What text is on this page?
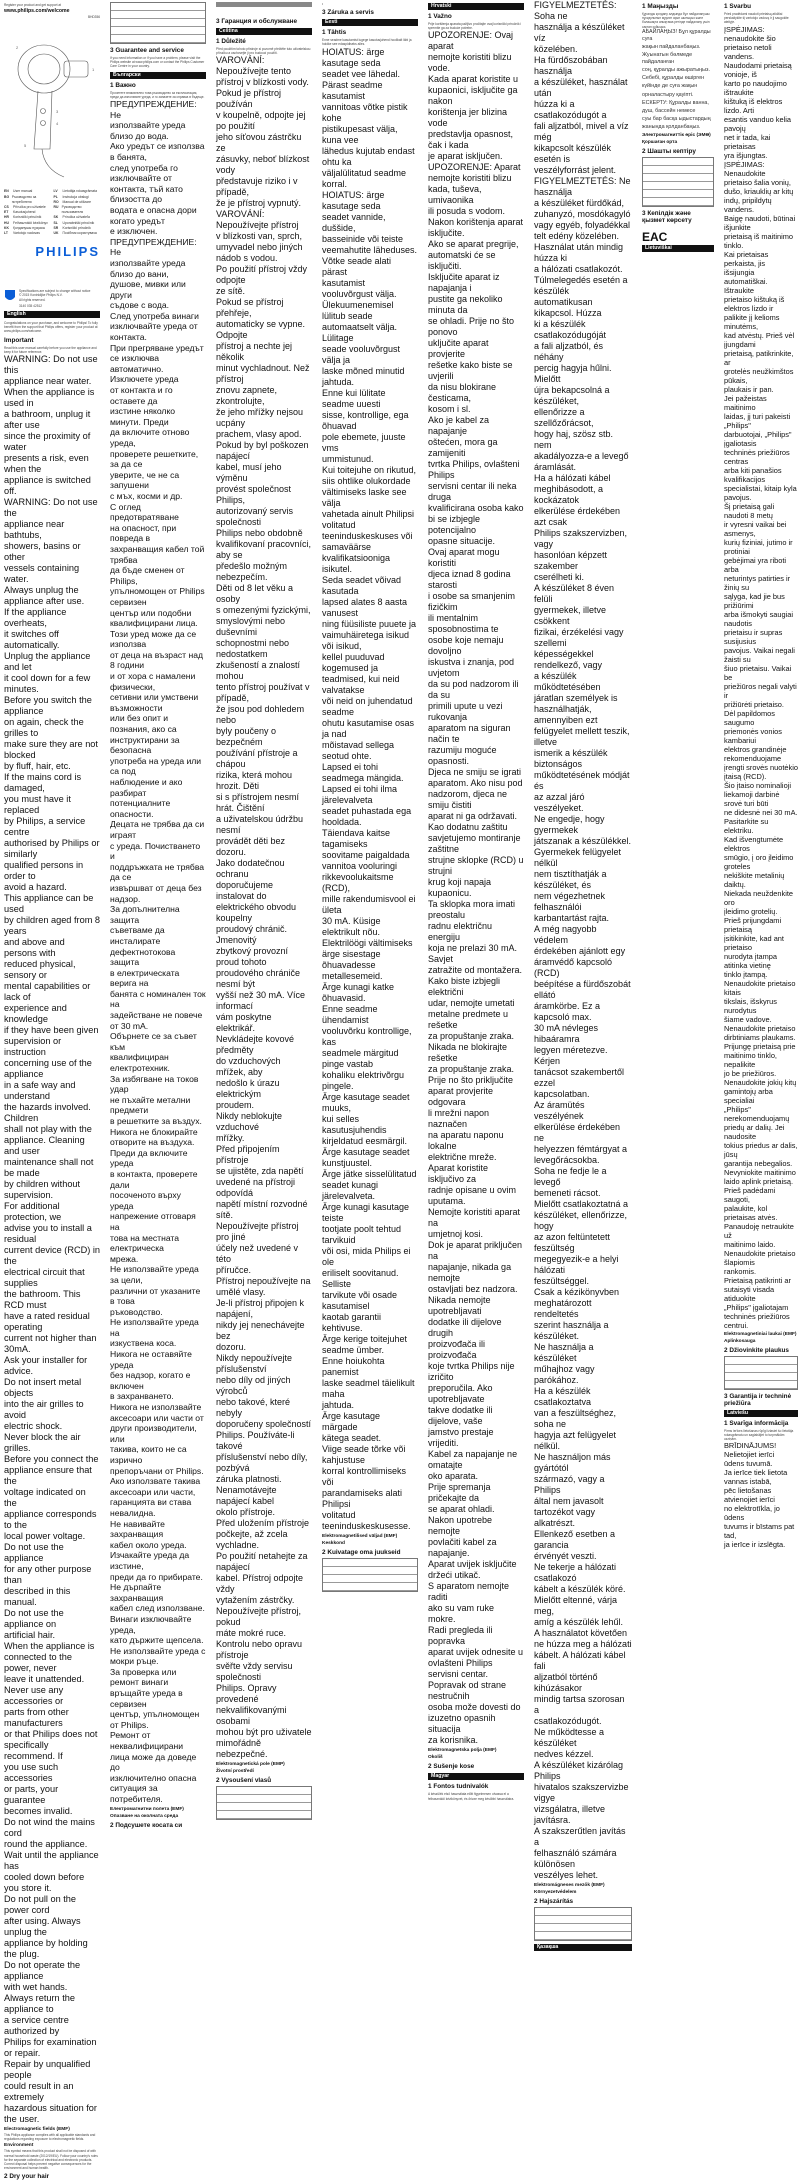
Register your product and get support at
www.philips.com/welcome
BHD356
1
2
3
4
5
EN	User manual
BG Ръководство за потребителя
CS	Příručka pro uživatele
ET	Kasutusjuhend
HR	Korisnički priručnik
HU	Felhasználói kézikönyv
KK	Қолданушы нұсқасы
LT	Vartotojo vadovas
LV	Lietotāja rokasgrāmata
PL	Instrukcja obsługi
RO	Manual de utilizare
RU Руководство пользователя
SK	Príručka užívateľa
SL	Uporabniški priročnik
SR	Korisnički priručnik
UK	Посібник користувача
PHILIPS
Specifications are subject to change without notice
© 2015 Koninklijke Philips N.V.
All rights reserved.
3140 035 42512
English
Congratulations on your purchase, and welcome to Philips! To fully benefit from the support that Philips offers, register your product at www.philips.com/welcome.
Important
Read this user manual carefully before you use the appliance and keep it for future reference.

WARNING: Do not use this

appliance near water.

When the appliance is used in

a bathroom, unplug it after use

since the proximity of water

presents a risk, even when the

appliance is switched off.

WARNING: Do not use the

appliance near bathtubs,

showers, basins or other

vessels containing water.

Always unplug the

appliance after use.

If the appliance overheats,

it switches off automatically.

Unplug the appliance and let

it cool down for a few minutes.

Before you switch the appliance

on again, check the grilles to

make sure they are not blocked

by fluff, hair, etc.

If the mains cord is damaged,

you must have it replaced

by Philips, a service centre

authorised by Philips or similarly

qualified persons in order to

avoid a hazard.

This appliance can be used

by children aged from 8 years

and above and persons with

reduced physical, sensory or

mental capabilities or lack of

experience and knowledge

if they have been given

supervision or instruction

concerning use of the appliance

in a safe way and understand

the hazards involved. Children

shall not play with the

appliance. Cleaning and user

maintenance shall not be made

by children without supervision.

For additional protection, we

advise you to install a residual

current device (RCD) in the

electrical circuit that supplies

the bathroom. This RCD must

have a rated residual operating

current not higher than 30mA.

Ask your installer for advice.

Do not insert metal objects

into the air grilles to avoid

electric shock.

Never block the air grilles.

Before you connect the

appliance ensure that the

voltage indicated on the

appliance corresponds to the

local power voltage.

Do not use the appliance

for any other purpose than

described in this manual.

Do not use the appliance on

artificial hair.

When the appliance is

connected to the power, never

leave it unattended.

Never use any accessories or

parts from other manufacturers

or that Philips does not

specifically recommend. If

you use such accessories

or parts, your guarantee

becomes invalid.

Do not wind the mains cord

round the appliance.

Wait until the appliance has

cooled down before you store it.

Do not pull on the power cord

after using. Always unplug the

appliance by holding the plug.

Do not operate the appliance

with wet hands.

Always return the appliance to

a service centre authorized by

Philips for examination or repair.

Repair by unqualified people

could result in an extremely

hazardous situation for the user.

Electromagnetic fields (EMF)
This Philips appliance complies with all applicable standards and regulations regarding exposure to electromagnetic fields.
Environment
This symbol means that this product shall not be disposed of with normal household waste (2012/19/EU). Follow your country's rules for the separate collection of electrical and electronic products. Correct disposal helps prevent negative consequences for the environment and human health.
2 Dry your hair
3 Guarantee and service
If you need information or if you have a problem, please visit the Philips website at www.philips.com or contact the Philips Customer Care Centre in your country.
Български
1 Важно
Прочетете внимателно това ръководство за експлоатация, преди да използвате уреда, и го запазете за справка в бъдеще.

ПРЕДУПРЕЖДЕНИЕ: Не

използвайте уреда близо до вода.

Ако уредът се използва в банята,

след употреба го изключвайте от

контакта, тъй като близостта до

водата е опасна дори когато уредът

е изключен.

ПРЕДУПРЕЖДЕНИЕ: Не

използвайте уреда близо до вани,

душове, мивки или други

съдове с вода.

След употреба винаги

изключвайте уреда от контакта.

При прегряване уредът се изключва

автоматично. Изключете уреда

от контакта и го оставете да

изстине няколко минути. Преди

да включите отново уреда,

проверете решетките, за да се

уверите, че не са запушени

с мъх, косми и др.

С оглед предотвратяване

на опасност, при повреда в

захранващия кабел той трябва

да бъде сменен от Philips,

упълномощен от Philips сервизен

център или подобни

квалифицирани лица.

Този уред може да се използва

от деца на възраст над 8 години

и от хора с намалени физически,

сетивни или умствени възможности

или без опит и познания, ако са

инструктирани за безопасна

употреба на уреда или са под

наблюдение и ако разбират

потенциалните опасности.

Децата не трябва да си играят

с уреда. Почистването и

поддръжката не трябва да се

извършват от деца без надзор.

За допълнителна защита

съветваме да инсталирате

дефектнотокова защита

в електрическата верига на

банята с номинален ток на

задействане не повече от 30 mA.

Обърнете се за съвет към

квалифициран електротехник.

За избягване на токов удар

не пъхайте метални предмети

в решетките за въздух.

Никога не блокирайте

отворите на въздуха.

Преди да включите уреда

в контакта, проверете дали

посоченото върху уреда

напрежение отговаря на

това на местната електрическа

мрежа.

Не използвайте уреда за цели,

различни от указаните в това

ръководство.

Не използвайте уреда на

изкуствена коса.

Никога не оставяйте уреда

без надзор, когато е включен

в захранването.

Никога не използвайте

аксесоари или части от

други производители, или

такива, които не са изрично

препоръчани от Philips.

Ако използвате такива

аксесоари или части,

гаранцията ви става невалидна.

Не навивайте захранващия

кабел около уреда.

Изчакайте уреда да изстине,

преди да го прибирате.

Не дърпайте захранващия

кабел след използване.

Винаги изключвайте уреда,

като държите щепсела.

Не използвайте уреда с мокри ръце.

За проверка или ремонт винаги

връщайте уреда в сервизен

център, упълномощен от Philips.

Ремонт от неквалифицирани

лица може да доведе до

изключително опасна

ситуация за потребителя.

Електромагнитни полета (EMF)
Опазване на околната среда
2 Подсушете косата си
3 Гаранция и обслужване
Čeština
1 Důležité
Před použitím tohoto přístroje si pozorně přečtěte tuto uživatelskou příručku a uschovejte ji pro budoucí použití.

VAROVÁNÍ: Nepoužívejte tento

přístroj v blízkosti vody.

Pokud je přístroj používán

v koupelně, odpojte jej po použití

jeho síťovou zástrčku ze

zásuvky, neboť blízkost vody

představuje riziko i v případě,

že je přístroj vypnutý.

VAROVÁNÍ: Nepoužívejte přístroj

v blízkosti van, sprch,

umyvadel nebo jiných

nádob s vodou.

Po použití přístroj vždy odpojte

ze sítě.

Pokud se přístroj přehřeje,

automaticky se vypne. Odpojte

přístroj a nechte jej několik

minut vychladnout. Než přístroj

znovu zapnete, zkontrolujte,

že jeho mřížky nejsou ucpány

prachem, vlasy apod.

Pokud by byl poškozen napájecí

kabel, musí jeho výměnu

provést společnost Philips,

autorizovaný servis společnosti

Philips nebo obdobně

kvalifikovaní pracovníci, aby se

předešlo možným nebezpečím.

Děti od 8 let věku a osoby

s omezenými fyzickými,

smyslovými nebo duševními

schopnostmi nebo nedostatkem

zkušeností a znalostí mohou

tento přístroj používat v případě,

že jsou pod dohledem nebo

byly poučeny o bezpečném

používání přístroje a chápou

rizika, která mohou hrozit. Děti

si s přístrojem nesmí hrát. Čištění

a uživatelskou údržbu nesmí

provádět děti bez dozoru.

Jako dodatečnou ochranu

doporučujeme instalovat do

elektrického obvodu koupelny

proudový chránič. Jmenovitý

zbytkový provozní proud tohoto

proudového chrániče nesmí být

vyšší než 30 mA. Více informací

vám poskytne elektrikář.

Nevkládejte kovové předměty

do vzduchových mřížek, aby

nedošlo k úrazu elektrickým

proudem.

Nikdy neblokujte vzduchové

mřížky.

Před připojením přístroje

se ujistěte, zda napětí

uvedené na přístroji odpovídá

napětí místní rozvodné sítě.

Nepoužívejte přístroj pro jiné

účely než uvedené v této

příručce.

Přístroj nepoužívejte na

umělé vlasy.

Je-li přístroj připojen k napájení,

nikdy jej nenechávejte bez

dozoru.

Nikdy nepoužívejte příslušenství

nebo díly od jiných výrobců

nebo takové, které nebyly

doporučeny společností

Philips. Používáte-li takové

příslušenství nebo díly, pozbývá

záruka platnosti.

Nenamotávejte napájecí kabel

okolo přístroje.

Před uložením přístroje

počkejte, až zcela vychladne.

Po použití netahejte za napájecí

kabel. Přístroj odpojte vždy

vytažením zástrčky.

Nepoužívejte přístroj, pokud

máte mokré ruce.

Kontrolu nebo opravu přístroje

svěřte vždy servisu společnosti

Philips. Opravy provedené

nekvalifikovanými osobami

mohou být pro uživatele

mimořádně nebezpečné.

Elektromagnetická pole (EMP)
Životní prostředí
2 Vysoušení vlasů
•
3 Záruka a servis
Eesti
1 Tähtis
Enne seadme kasutamist lugege kasutusjuhend hoolikalt läbi ja hoidke see edaspidiseks alles.

HOIATUS: ärge kasutage seda

seadet vee lähedal.

Pärast seadme kasutamist

vannitoas võtke pistik kohe

pistikupesast välja, kuna vee

lähedus kujutab endast ohtu ka

väljalülitatud seadme korral.

HOIATUS: ärge kasutage seda

seadet vannide, duššide,

basseinide või teiste

veemahutite läheduses.

Võtke seade alati pärast

kasutamist vooluvõrgust välja.

Ülekuumenemisel lülitub seade

automaatselt välja. Lülitage

seade vooluvõrgust välja ja

laske mõned minutid jahtuda.

Enne kui lülitate seadme uuesti

sisse, kontrollige, ega õhuavad

pole ebemete, juuste vms

ummistunud.

Kui toitejuhe on rikutud,

siis ohtlike olukordade

vältimiseks laske see välja

vahetada ainult Philipsi

volitatud teeninduskeskuses või

samaväärse kvalifikatsiooniga

isikutel.

Seda seadet võivad kasutada

lapsed alates 8 aasta vanusest

ning füüsiliste puuete ja

vaimuhäiretega isikud või isikud,

kellel puuduvad kogemused ja

teadmised, kui neid valvatakse

või neid on juhendatud seadme

ohutu kasutamise osas ja nad

mõistavad sellega seotud ohte.

Lapsed ei tohi seadmega mängida.

Lapsed ei tohi ilma järelevalveta

seadet puhastada ega hooldada.

Täiendava kaitse tagamiseks

soovitame paigaldada

vannitoa vooluringi

rikkevoolukaitsme (RCD),

mille rakendumisvool ei ületa

30 mA. Küsige elektrikult nõu.

Elektrilöögi vältimiseks

ärge sisestage õhuavadesse

metallesemeid.

Ärge kunagi katke õhuavasid.

Enne seadme ühendamist

vooluvõrku kontrollige, kas

seadmele märgitud pinge vastab

kohaliku elektrivõrgu pingele.

Ärge kasutage seadet muuks,

kui selles kasutusjuhendis

kirjeldatud eesmärgil.

Ärge kasutage seadet

kunstjuustel.

Ärge jätke sisselülitatud

seadet kunagi järelevalveta.

Ärge kunagi kasutage teiste

tootjate poolt tehtud tarvikuid

või osi, mida Philips ei ole

eriliselt soovitanud. Selliste

tarvikute või osade kasutamisel

kaotab garantii kehtivuse.

Ärge kerige toitejuhet

seadme ümber.

Enne hoiukohta panemist

laske seadmel täielikult maha

jahtuda.

Ärge kasutage märgade

kätega seadet.

Viige seade tõrke või kahjustuse

korral kontrollimiseks või

parandamiseks alati Philipsi

volitatud teeninduskeskusesse.

Elektromagnetilised väljad (EMF)
Keskkond
2 Kuivatage oma juukseid
Hrvatski
1 Važno
Prije korištenja aparata pažljivo pročitajte ovaj korisnički priručnik i spremite ga za buduće potrebe.

UPOZORENJE: Ovaj aparat

nemojte koristiti blizu vode.

Kada aparat koristite u

kupaonici, isključite ga nakon

korištenja jer blizina vode

predstavlja opasnost, čak i kada

je aparat isključen.

UPOZORENJE: Aparat

nemojte koristiti blizu

kada, tuševa, umivaonika

ili posuda s vodom.

Nakon korištenja aparat

isključite.

Ako se aparat pregrije,

automatski će se isključiti.

Isključite aparat iz napajanja i

pustite ga nekoliko minuta da

se ohladi. Prije no što ponovo

uključite aparat provjerite

rešetke kako biste se uvjerili

da nisu blokirane česticama,

kosom i sl.

Ako je kabel za napajanje

oštećen, mora ga zamijeniti

tvrtka Philips, ovlašteni Philips

servisni centar ili neka druga

kvalificirana osoba kako

bi se izbjegle potencijalno

opasne situacije.

Ovaj aparat mogu koristiti

djeca iznad 8 godina starosti

i osobe sa smanjenim fizičkim

ili mentalnim sposobnostima te

osobe koje nemaju dovoljno

iskustva i znanja, pod uvjetom

da su pod nadzorom ili da su

primili upute u vezi rukovanja

aparatom na siguran način te

razumiju moguće opasnosti.

Djeca ne smiju se igrati

aparatom. Ako nisu pod

nadzorom, djeca ne smiju čistiti

aparat ni ga održavati.

Kao dodatnu zaštitu

savjetujemo montiranje zaštitne

strujne sklopke (RCD) u strujni

krug koji napaja kupaonicu.

Ta sklopka mora imati preostalu

radnu električnu energiju

koja ne prelazi 30 mA. Savjet

zatražite od montažera.

Kako biste izbjegli električni

udar, nemojte umetati

metalne predmete u rešetke

za propuštanje zraka.

Nikada ne blokirajte rešetke

za propuštanje zraka.

Prije no što priključite

aparat provjerite odgovara

li mrežni napon naznačen

na aparatu naponu lokalne

električne mreže.

Aparat koristite isključivo za

radnje opisane u ovim uputama.

Nemojte koristiti aparat na

umjetnoj kosi.

Dok je aparat priključen na

napajanje, nikada ga nemojte

ostavljati bez nadzora.

Nikada nemojte upotrebljavati

dodatke ili dijelove drugih

proizvođača ili proizvođača

koje tvrtka Philips nije izričito

preporučila. Ako upotrebljavate

takve dodatke ili dijelove, vaše

jamstvo prestaje vrijediti.

Kabel za napajanje ne omatajte

oko aparata.

Prije spremanja pričekajte da

se aparat ohladi.

Nakon upotrebe nemojte

povlačiti kabel za napajanje.

Aparat uvijek isključite

držeći utikač.

S aparatom nemojte raditi

ako su vam ruke mokre.

Radi pregleda ili popravka

aparat uvijek odnesite u

ovlašteni Philips servisni centar.

Popravak od strane nestručnih

osoba može dovesti do

izuzetno opasnih situacija

za korisnika.

Elektromagnetska polja (EMF)
Okoliš
2 Sušenje kose
Magyar
1 Fontos tudnivalók
A készülék első használata előtt figyelmesen olvassa el a felhasználói kézikönyvet, és őrizze meg későbbi használatra.

FIGYELMEZTETÉS: Soha ne

használja a készüléket víz

közelében.

Ha fürdőszobában használja

a készüléket, használat után

húzza ki a csatlakozódugót a

fali aljzatból, mivel a víz még

kikapcsolt készülék esetén is

veszélyforrást jelent.

FIGYELMEZTETÉS: Ne használja

a készüléket fürdőkád,

zuhanyzó, mosdókagyló

vagy egyéb, folyadékkal

telt edény közelében.

Használat után mindig húzza ki

a hálózati csatlakozót.

Túlmelegedés esetén a készülék

automatikusan kikapcsol. Húzza

ki a készülék csatlakozódugóját

a fali aljzatból, és néhány

percig hagyja hűlni. Mielőtt

újra bekapcsolná a készüléket,

ellenőrizze a szellőzőrácsot,

hogy haj, szösz stb. nem

akadályozza-e a levegő

áramlását.

Ha a hálózati kábel

meghibásodott, a kockázatok

elkerülése érdekében azt csak

Philips szakszervizben, vagy

hasonlóan képzett szakember

cserélheti ki.

A készüléket 8 éven felüli

gyermekek, illetve csökkent

fizikai, érzékelési vagy szellemi

képességekkel rendelkező, vagy

a készülék működtetésében

járatlan személyek is

használhatják, amennyiben ezt

felügyelet mellett teszik, illetve

ismerik a készülék biztonságos

működtetésének módját és

az azzal járó veszélyeket.

Ne engedje, hogy gyermekek

játszanak a készülékkel.

Gyermekek felügyelet nélkül

nem tisztíthatják a készüléket, és

nem végezhetnek felhasználói

karbantartást rajta.

A még nagyobb védelem

érdekében ajánlott egy

áramvédő kapcsoló (RCD)

beépítése a fürdőszobát ellátó

áramkörbe. Ez a kapcsoló max.

30 mA névleges hibaáramra

legyen méretezve. Kérjen

tanácsot szakembertől ezzel

kapcsolatban.

Az áramütés veszélyének

elkerülése érdekében ne

helyezzen fémtárgyat a

levegőrácsokba.

Soha ne fedje le a levegő

bemeneti rácsot.

Mielőtt csatlakoztatná a

készüléket, ellenőrizze, hogy

az azon feltüntetett feszültség

megegyezik-e a helyi hálózati

feszültséggel.

Csak a kézikönyvben

meghatározott rendeltetés

szerint használja a készüléket.

Ne használja a készüléket

műhajhoz vagy parókához.

Ha a készülék csatlakoztatva

van a feszültséghez, soha ne

hagyja azt felügyelet nélkül.

Ne használjon más gyártótól

származó, vagy a Philips

által nem javasolt

tartozékot vagy alkatrészt.

Ellenkező esetben a garancia

érvényét veszti.

Ne tekerje a hálózati csatlakozó

kábelt a készülék köré.

Mielőtt eltenné, várja meg,

amíg a készülék lehűl.

A használatot követően

ne húzza meg a hálózati

kábelt. A hálózati kábel fali

aljzatból történő kihúzásakor

mindig tartsa szorosan a

csatlakozódugót.

Ne működtesse a készüléket

nedves kézzel.

A készüléket kizárólag Philips

hivatalos szakszervizbe vigye

vizsgálatra, illetve javításra.

A szakszerűtlen javítás a

felhasználó számára különösen

veszélyes lehet.

Elektromágneses mezők (EMF)
Környezetvédelem
2 Hajszárítás
Қазақша
1 Маңызды
Құралды қолдану алдында бұл пайдаланушы нұсқаулығын мұқият оқып шығыңыз және болашақта анықтама ретінде пайдалану үшін сақтап қойыңыз.

АБАЙЛАҢЫЗ! Бұл құралды суға

жақын пайдаланбаңыз.

Жуынатын бөлмеде пайдаланған

соң, құралды ажыратыңыз.

Себебі, құралды өшірген

күйінде де суға жақын

орналастыру қауіпті.

ЕСКЕРТУ: Құралды ванна,

душ, бассейн немесе

суы бар басқа ыдыстардың

жанында қолданбаңыз.

Электромагниттік өріс (ЭМӨ)
Қоршаған орта
2 Шашты кептіру
3 Кепілдік және қызмет көрсету
EAC
Lietuviškai
1 Svarbu
Prieš pradėdami naudoti prietaisą atidžiai perskaitykite šį vartotojo vadovą ir jį saugokite ateityje.

ĮSPĖJIMAS: nenaudokite šio

prietaiso netoli vandens.

Naudodami prietaisą vonioje, iš

karto po naudojimo ištraukite

kištuką iš elektros lizdo. Arti

esantis vanduo kelia pavojų

net ir tada, kai prietaisas

yra išjungtas.

ĮSPĖJIMAS: Nenaudokite

prietaiso šalia vonių,

dušo, kriauklių ar kitų

indų, pripildytų vandens.

Baigę naudoti, būtinai išjunkite

prietaisą iš maitinimo tinklo.

Kai prietaisas perkaista, jis

išsijungia automatiškai. Ištraukite

prietaiso kištuką iš elektros lizdo ir

palikite jį kelioms minutėms,

kad atvėstų. Prieš vėl įjungdami

prietaisą, patikrinkite, ar

grotelės neužkimštos pūkais,

plaukais ir pan.

Jei pažeistas maitinimo

laidas, jį turi pakeisti „Philips"

darbuotojai, „Philips" įgaliotasis

techninės priežiūros centras

arba kiti panašios kvalifikacijos

specialistai, kitaip kyla pavojus.

Šį prietaisą gali naudoti 8 metų

ir vyresni vaikai bei asmenys,

kurių fiziniai, jutimo ir protiniai

gebėjimai yra riboti arba

neturintys patirties ir žinių su

sąlyga, kad jie bus prižiūrimi

arba išmokyti saugiai naudotis

prietaisu ir supras susijusius

pavojus. Vaikai negali žaisti su

šiuo prietaisu. Vaikai be

priežiūros negali valyti ir

prižiūrėti prietaiso.

Dėl papildomos saugumo

priemonės vonios kambariui

elektros grandinėje rekomenduojame

įrengti srovės nuotėkio įtaisą (RCD).

Šio įtaiso nominalioji

liekamoji darbinė srovė turi būti

ne didesnė nei 30 mA.

Pasitarkite su elektriku.

Kad išvengtumėte elektros

smūgio, į oro įleidimo groteles

nekiškite metalinių daiktų.

Niekada neuždenkite oro

įleidimo grotelių.

Prieš prijungdami prietaisą

įsitikinkite, kad ant prietaiso

nurodyta įtampa atitinka vietinę

tinklo įtampą.

Nenaudokite prietaiso kitais

tikslais, išskyrus nurodytus

šiame vadove.

Nenaudokite prietaiso

dirbtiniams plaukams.

Prijungę prietaisą prie

maitinimo tinklo, nepalikite

jo be priežiūros.

Nenaudokite jokių kitų

gamintojų arba specialiai

„Philips" nerekomenduojamų

priedų ar dalių. Jei naudosite

tokius priedus ar dalis, jūsų

garantija nebegalios.

Nevyniokite maitinimo

laido aplink prietaisą.

Prieš padėdami saugoti,

palaukite, kol prietaisas atvės.

Panaudoję netraukite už

maitinimo laido.

Nenaudokite prietaiso šlapiomis

rankomis.

Prietaisą patikrinti ar

sutaisyti visada atiduokite

„Philips" įgaliotajam

techninės priežiūros centrui.

Elektromagnetiniai laukai (EMF)
Aplinkosauga
2 Džiovinkite plaukus
3 Garantija ir techninė priežiūra
Latviešu
1 Svarīga informācija
Pirms ierīces lietošanas rūpīgi izlasiet šo lietotāja rokasgrāmatu un saglabājiet to turpmākām uzziņām.

BRĪDINĀJUMS! Nelietojiet ierīci

ūdens tuvumā.

Ja ierīce tiek lietota vannas istabā,

pēc lietošanas atvienojiet ierīci

no elektrotīkla, jo ūdens

tuvums ir bīstams pat tad,

ja ierīce ir izslēgta.
